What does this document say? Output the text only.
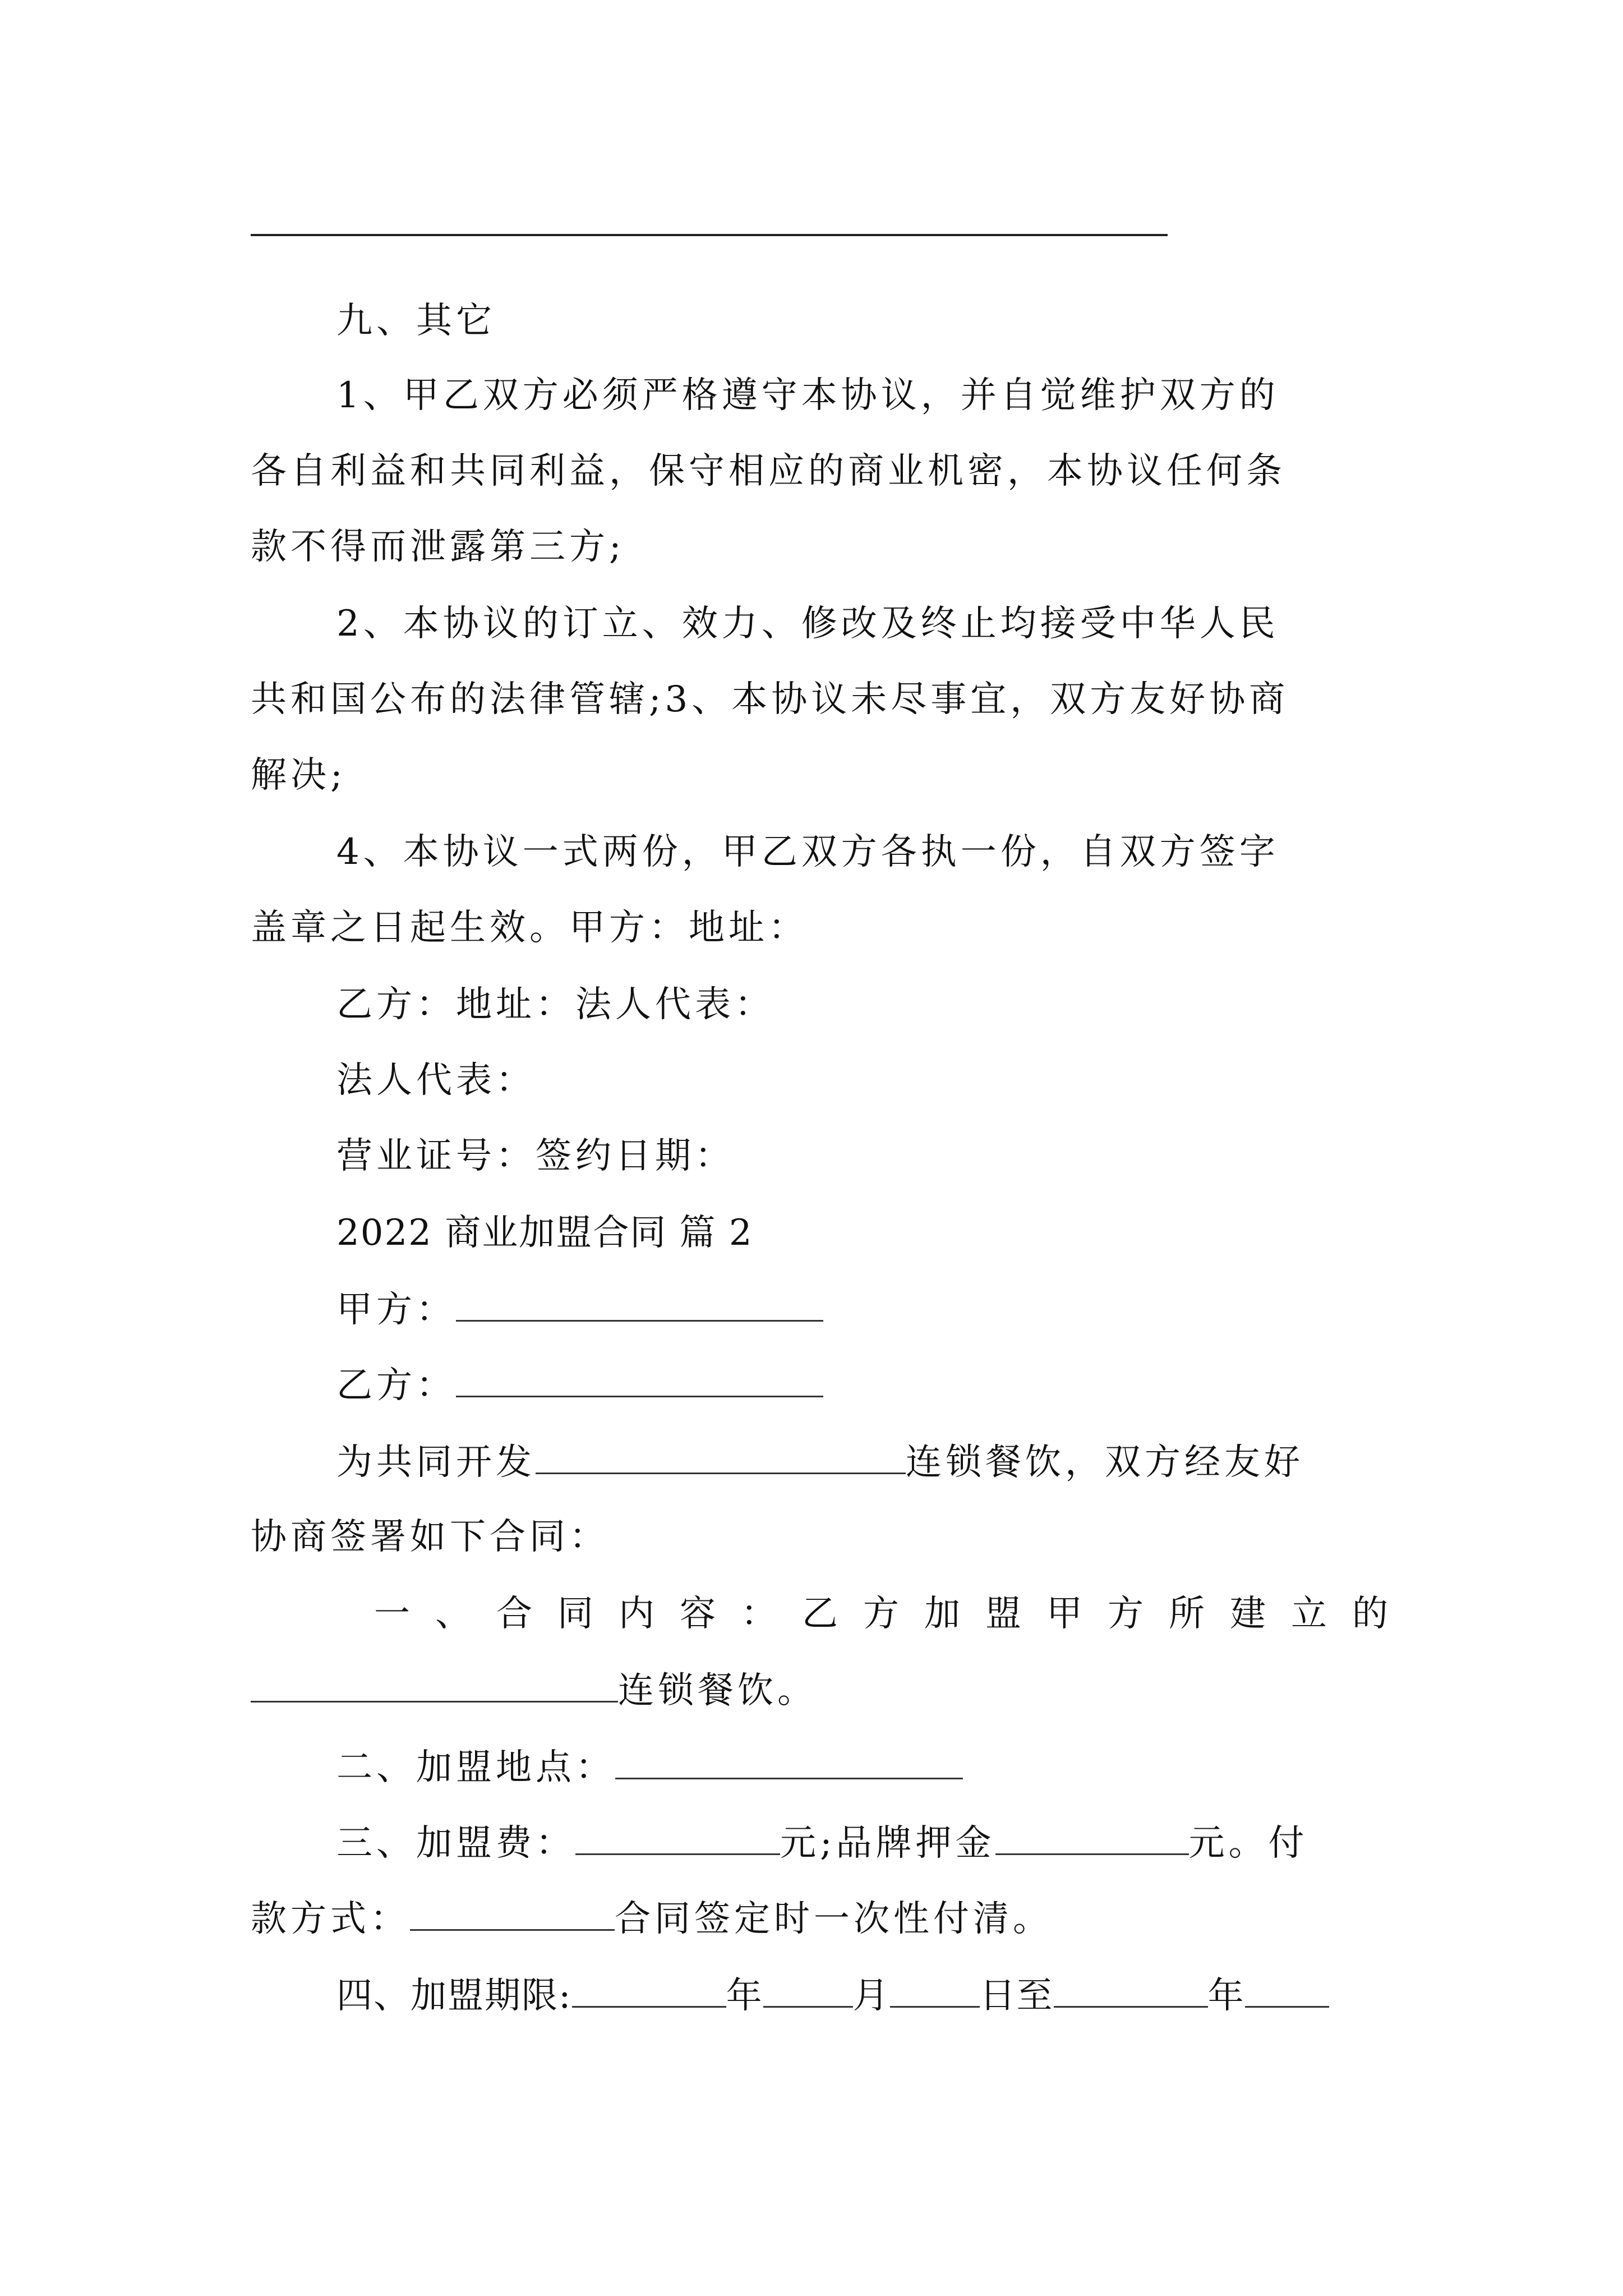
九、其它
1、甲乙双方必须严格遵守本协议，并自觉维护双方的
各自利益和共同利益，保守相应的商业机密，本协议任何条
款不得而泄露第三方;
2、本协议的订立、效力、修改及终止均接受中华人民
共和国公布的法律管辖;3、本协议未尽事宜，双方友好协商
解决;
4、本协议一式两份，甲乙双方各执一份，自双方签字
盖章之日起生效。甲方：地址：
乙方：地址：法人代表：
法人代表：
营业证号：签约日期：
2022 商业加盟合同 篇 2
甲方：
乙方：
为共同开发	连锁餐饮，双方经友好
协商签署如下合同：
一、合同内容：乙方加盟甲方所建立的
连锁餐饮。
二、加盟地点：
三、加盟费：	元;品牌押金	元。付
款方式：	合同签定时一次性付清。
四、加盟期限:	年	月	日至	年
